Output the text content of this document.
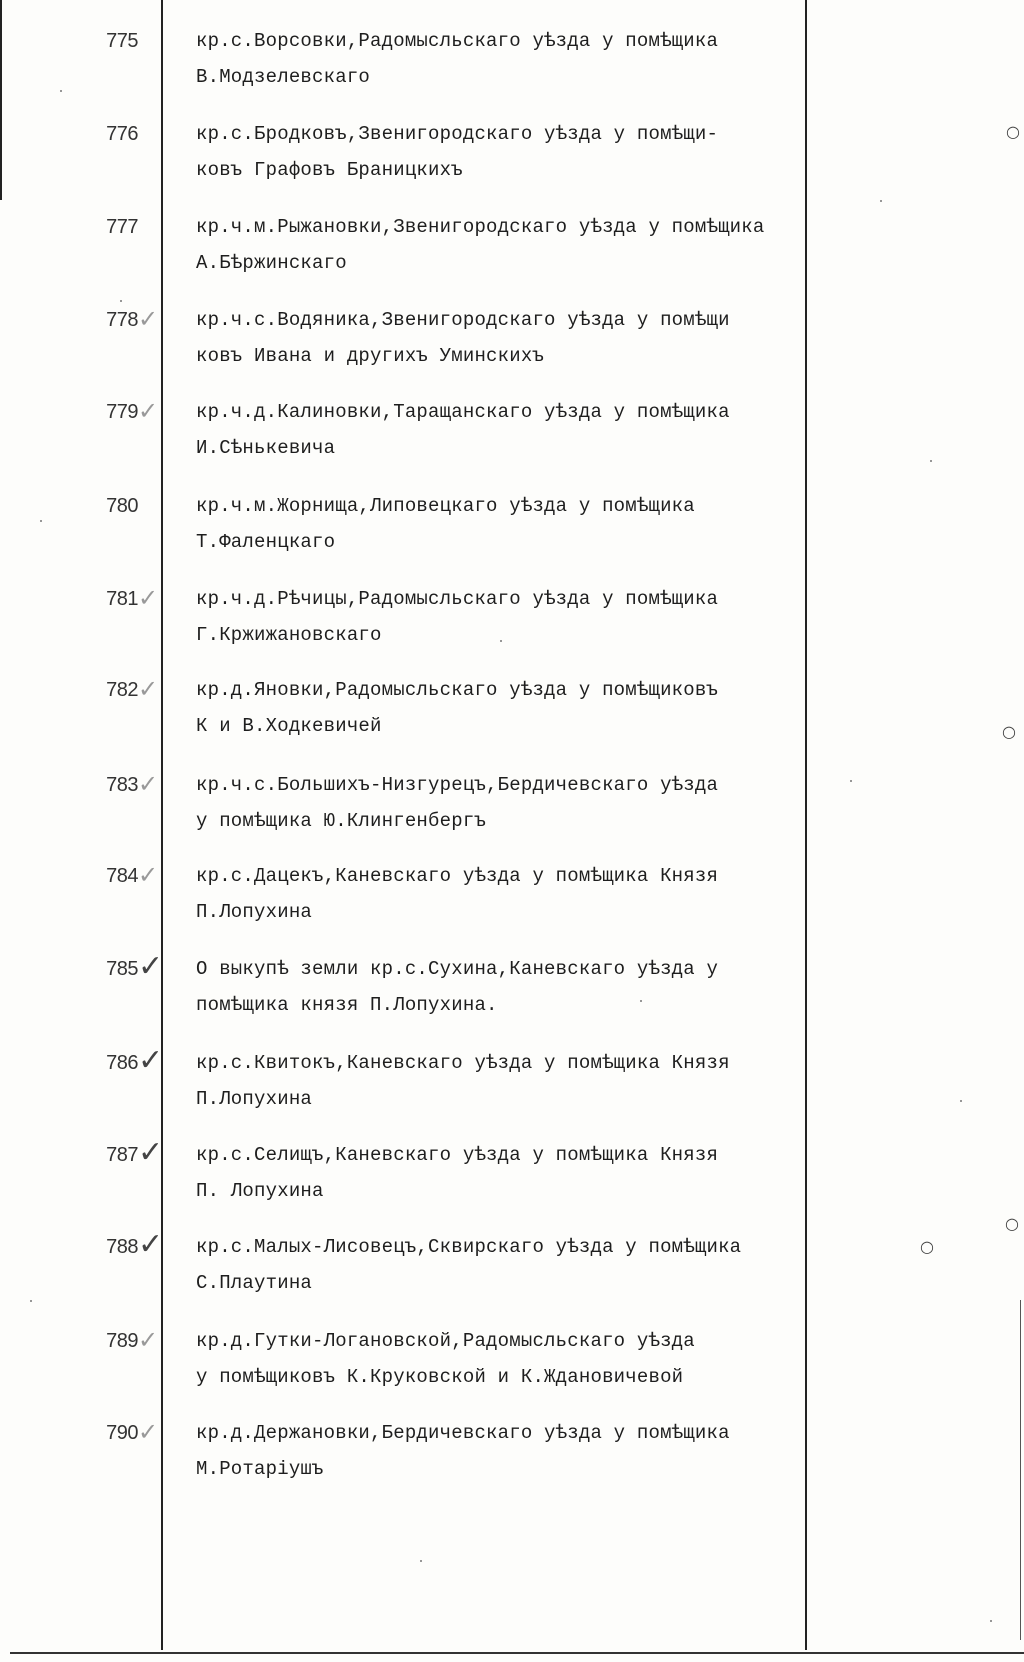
○
○
○
○
775	кр.с.Ворсовки,Радомысльскаго уѣзда у помѣщика
В.Модзелевскаго
776	кр.с.Бродковъ,Звенигородскаго уѣзда у помѣщи-
ковъ Графовъ Браницкихъ
777	кр.ч.м.Рыжановки,Звенигородскаго уѣзда у помѣщика
А.Бѣржинскаго
778 ✓ кр.ч.с.Водяника,Звенигородскаго уѣзда у помѣщи
ковъ Ивана и другихъ Уминскихъ
779 ✓ кр.ч.д.Калиновки,Таращанскаго уѣзда у помѣщика
И.Сѣнькевича
780	кр.ч.м.Жорнища,Липовецкаго уѣзда у помѣщика
Т.Фаленцкаго
781 ✓ кр.ч.д.Рѣчицы,Радомысльскаго уѣзда у помѣщика
Г.Кржижановскаго
782 ✓ кр.д.Яновки,Радомысльскаго уѣзда у помѣщиковъ
К и В.Ходкевичей
783 ✓ кр.ч.с.Большихъ-Низгурецъ,Бердичевскаго уѣзда
у помѣщика Ю.Клингенбергъ
784 ✓ кр.с.Дацекъ,Каневскаго уѣзда у помѣщика Князя
П.Лопухина
785 ✓ О выкупѣ земли кр.с.Сухина,Каневскаго уѣзда у
помѣщика князя П.Лопухина.
786 ✓ кр.с.Квитокъ,Каневскаго уѣзда у помѣщика Князя
П.Лопухина
787 ✓ кр.с.Селищъ,Каневскаго уѣзда у помѣщика Князя
П. Лопухина
788 ✓ кр.с.Малых-Лисовецъ,Сквирскаго уѣзда у помѣщика
С.Плаутина
789 ✓ кр.д.Гутки-Логановской,Радомысльскаго уѣзда
у помѣщиковъ К.Круковской и К.Ждановичевой
790 ✓ кр.д.Держановки,Бердичевскаго уѣзда у помѣщика
М.Ротаріушъ
